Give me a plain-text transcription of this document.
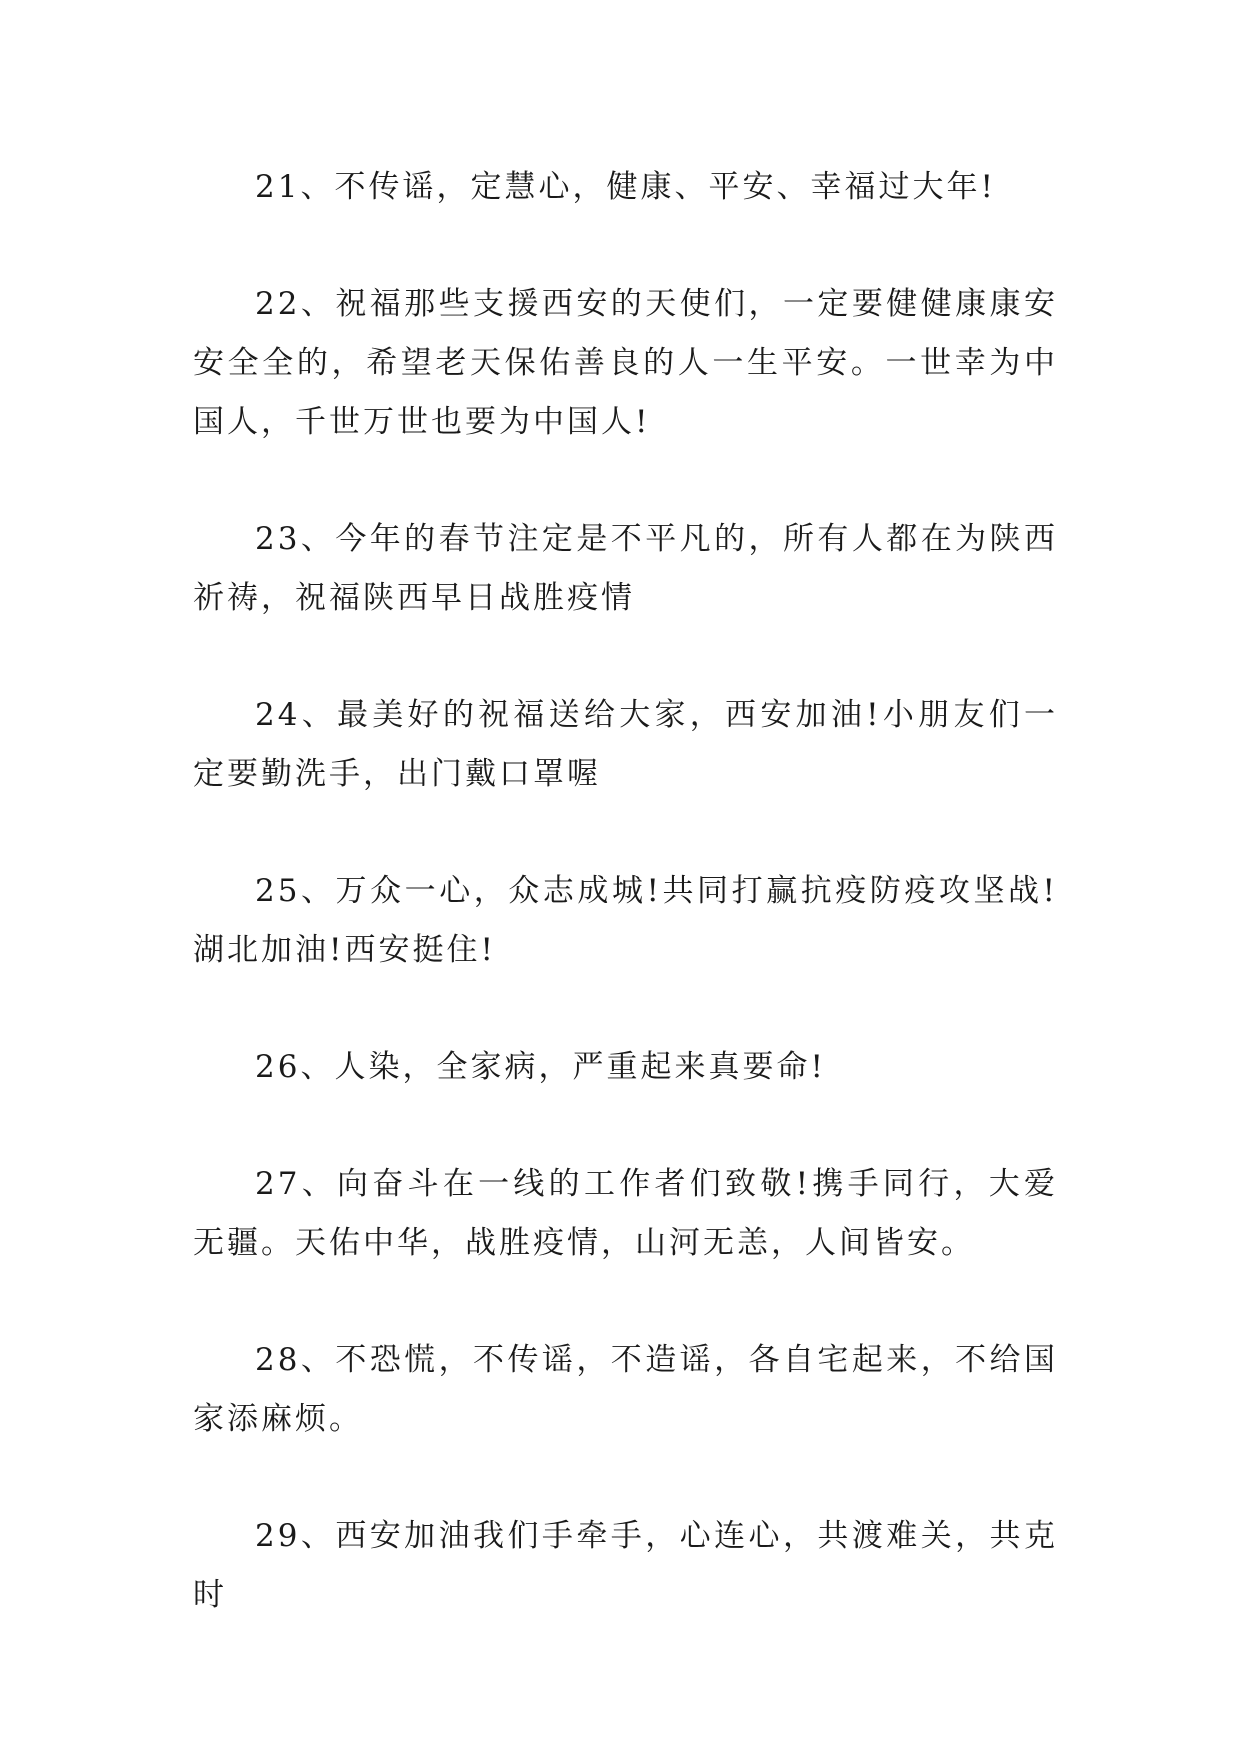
21、不传谣，定慧心，健康、平安、幸福过大年!

22、祝福那些支援西安的天使们，一定要健健康康安安全全的，希望老天保佑善良的人一生平安。一世幸为中国人，千世万世也要为中国人!

23、今年的春节注定是不平凡的，所有人都在为陕西祈祷，祝福陕西早日战胜疫情

24、最美好的祝福送给大家，西安加油!小朋友们一定要勤洗手，出门戴口罩喔

25、万众一心，众志成城!共同打赢抗疫防疫攻坚战!湖北加油!西安挺住!

26、人染，全家病，严重起来真要命!

27、向奋斗在一线的工作者们致敬!携手同行，大爱无疆。天佑中华，战胜疫情，山河无恙，人间皆安。

28、不恐慌，不传谣，不造谣，各自宅起来，不给国家添麻烦。

29、西安加油我们手牵手，心连心，共渡难关，共克时
